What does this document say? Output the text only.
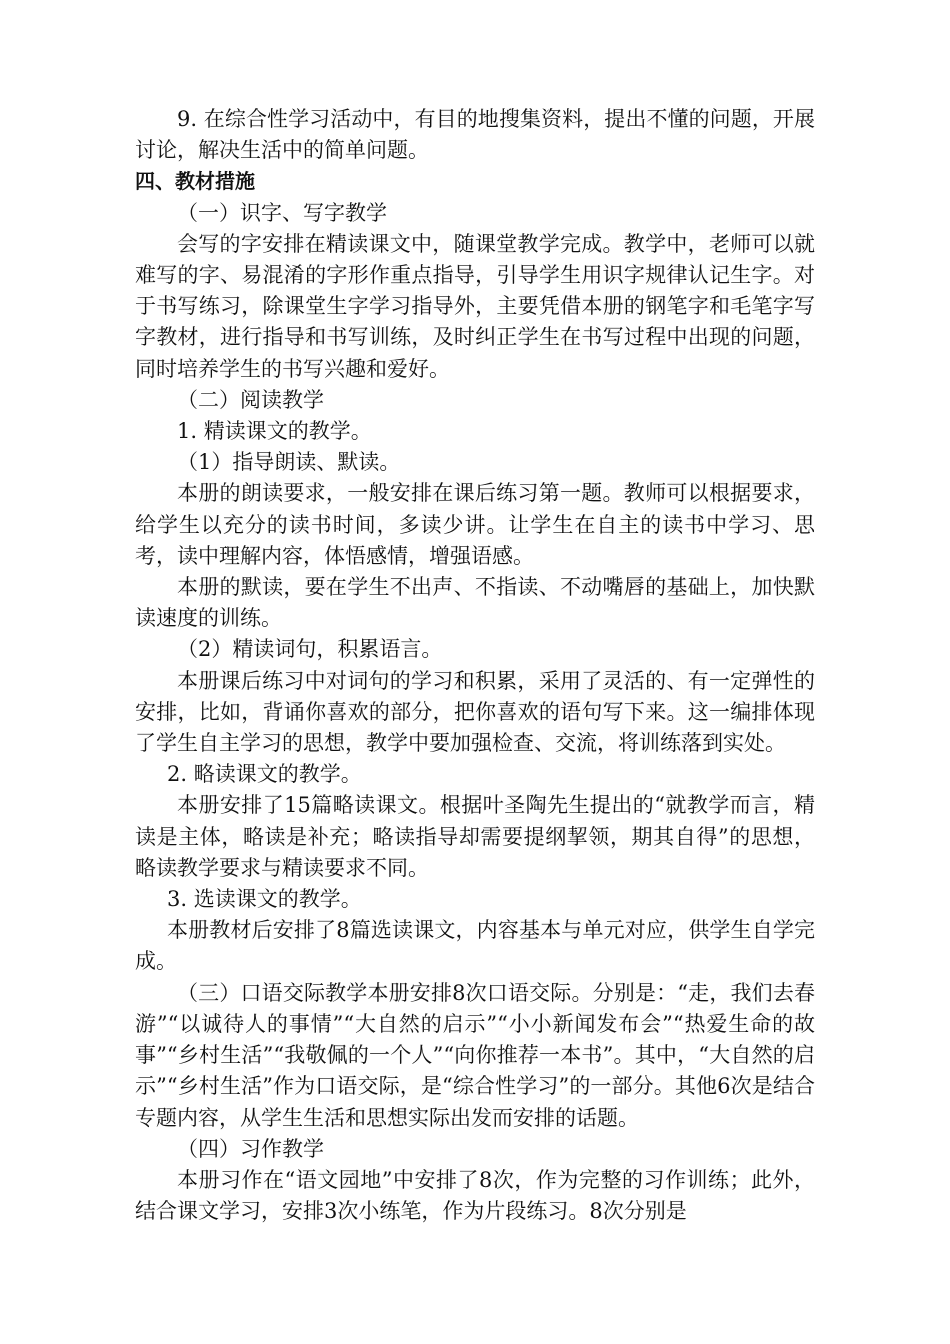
9. 在综合性学习活动中，有目的地搜集资料，提出不懂的问题，开展讨论，解决生活中的简单问题。

四、教材措施

（一）识字、写字教学

会写的字安排在精读课文中，随课堂教学完成。教学中，老师可以就难写的字、易混淆的字形作重点指导，引导学生用识字规律认记生字。对于书写练习，除课堂生字学习指导外，主要凭借本册的钢笔字和毛笔字写字教材，进行指导和书写训练，及时纠正学生在书写过程中出现的问题，同时培养学生的书写兴趣和爱好。

（二）阅读教学

1. 精读课文的教学。

（1）指导朗读、默读。

本册的朗读要求，一般安排在课后练习第一题。教师可以根据要求，给学生以充分的读书时间，多读少讲。让学生在自主的读书中学习、思考，读中理解内容，体悟感情，增强语感。

本册的默读，要在学生不出声、不指读、不动嘴唇的基础上，加快默读速度的训练。

（2）精读词句，积累语言。

本册课后练习中对词句的学习和积累，采用了灵活的、有一定弹性的安排，比如，背诵你喜欢的部分，把你喜欢的语句写下来。这一编排体现了学生自主学习的思想，教学中要加强检查、交流，将训练落到实处。

2. 略读课文的教学。

本册安排了15篇略读课文。根据叶圣陶先生提出的“就教学而言，精读是主体，略读是补充；略读指导却需要提纲挈领，期其自得”的思想，略读教学要求与精读要求不同。

3. 选读课文的教学。

本册教材后安排了8篇选读课文，内容基本与单元对应，供学生自学完成。

（三）口语交际教学本册安排8次口语交际。分别是：“走，我们去春游”“以诚待人的事情”“大自然的启示”“小小新闻发布会”“热爱生命的故事”“乡村生活”“我敬佩的一个人”“向你推荐一本书”。其中，“大自然的启示”“乡村生活”作为口语交际，是“综合性学习”的一部分。其他6次是结合专题内容，从学生生活和思想实际出发而安排的话题。

（四）习作教学

本册习作在“语文园地”中安排了8次，作为完整的习作训练；此外，结合课文学习，安排3次小练笔，作为片段练习。8次分别是
